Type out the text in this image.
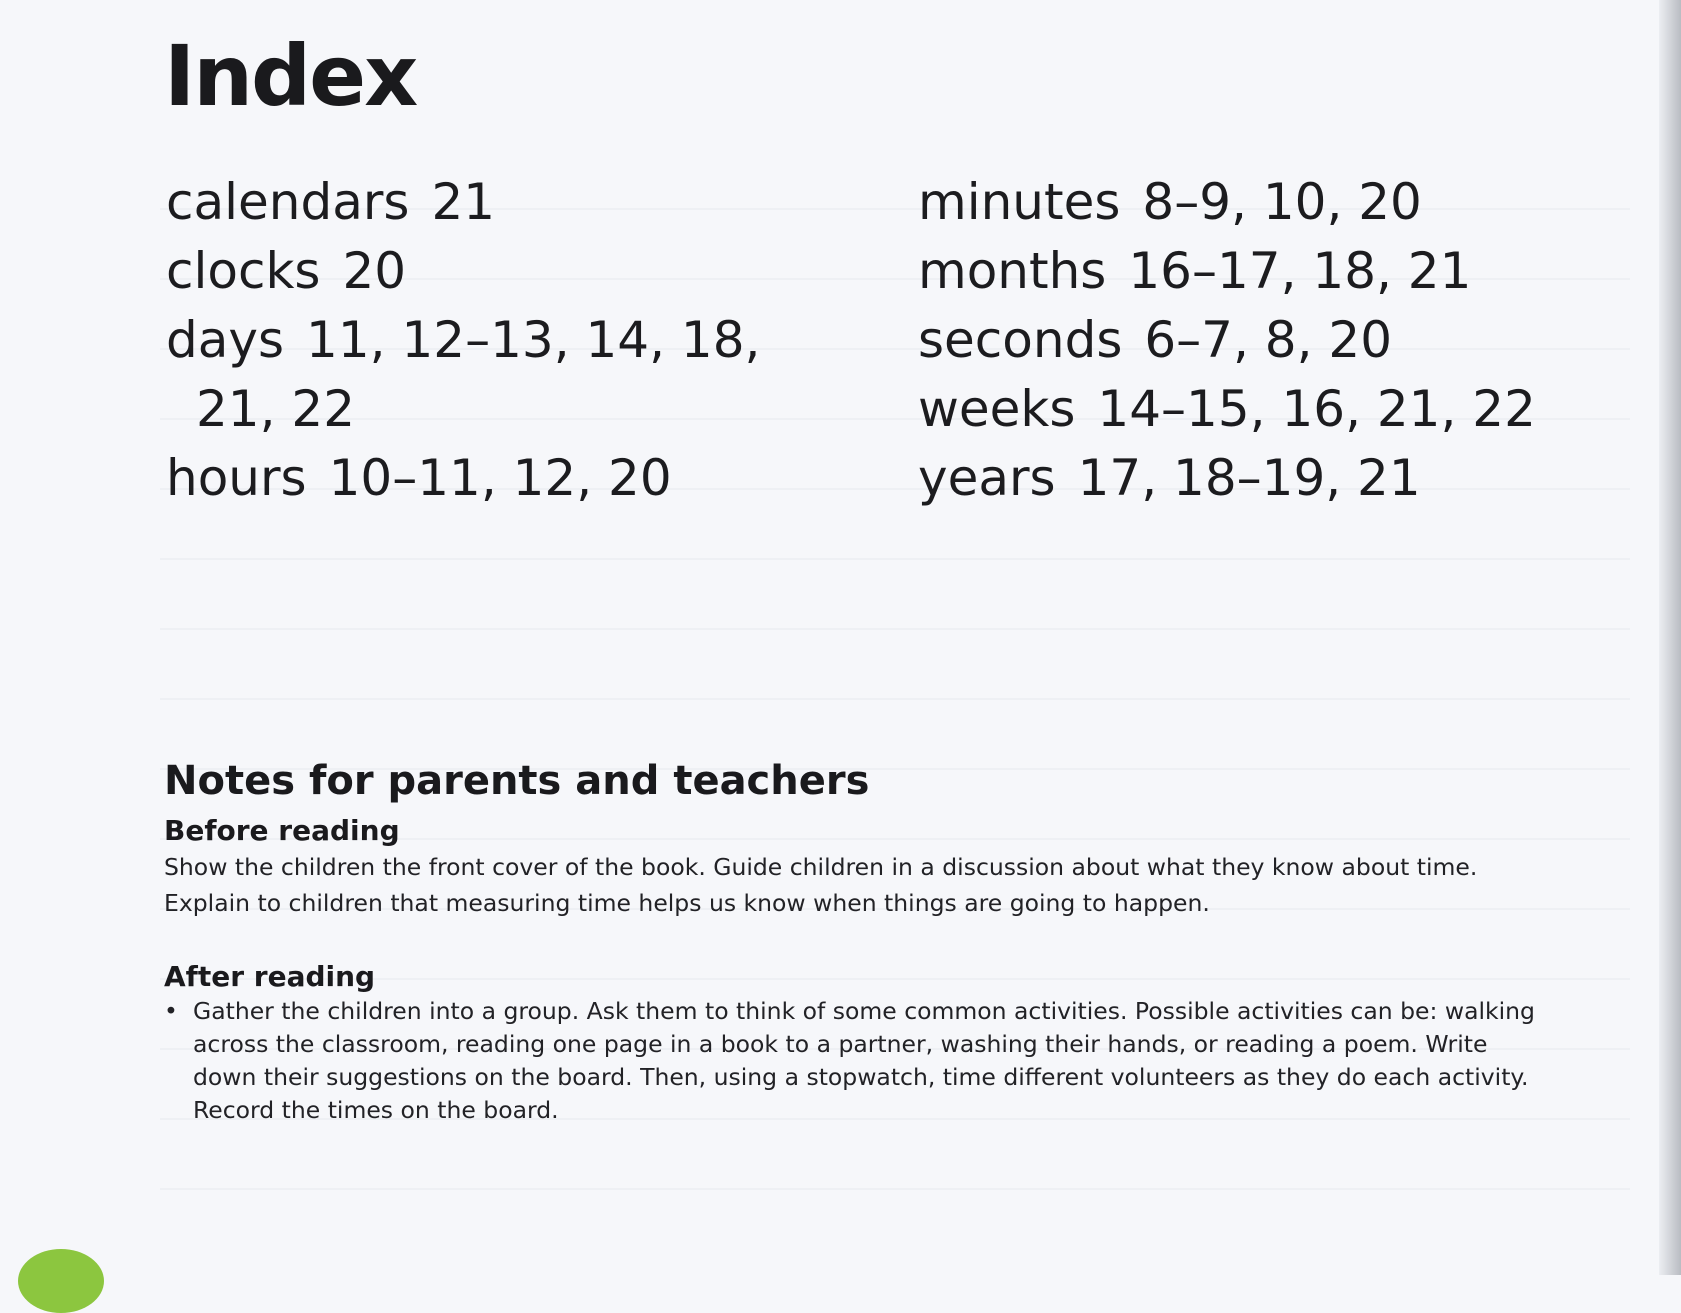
Index
calendars 21
clocks 20
days 11, 12–13, 14, 18,
21, 22
hours 10–11, 12, 20
minutes 8–9, 10, 20
months 16–17, 18, 21
seconds 6–7, 8, 20
weeks 14–15, 16, 21, 22
years 17, 18–19, 21
Notes for parents and teachers
Before reading

Show the children the front cover of the book. Guide children in a discussion about what they know about time.

Explain to children that measuring time helps us know when things are going to happen.

After reading
• Gather the children into a group. Ask them to think of some common activities. Possible activities can be: walking
across the classroom, reading one page in a book to a partner, washing their hands, or reading a poem. Write
down their suggestions on the board. Then, using a stopwatch, time different volunteers as they do each activity.
Record the times on the board.
